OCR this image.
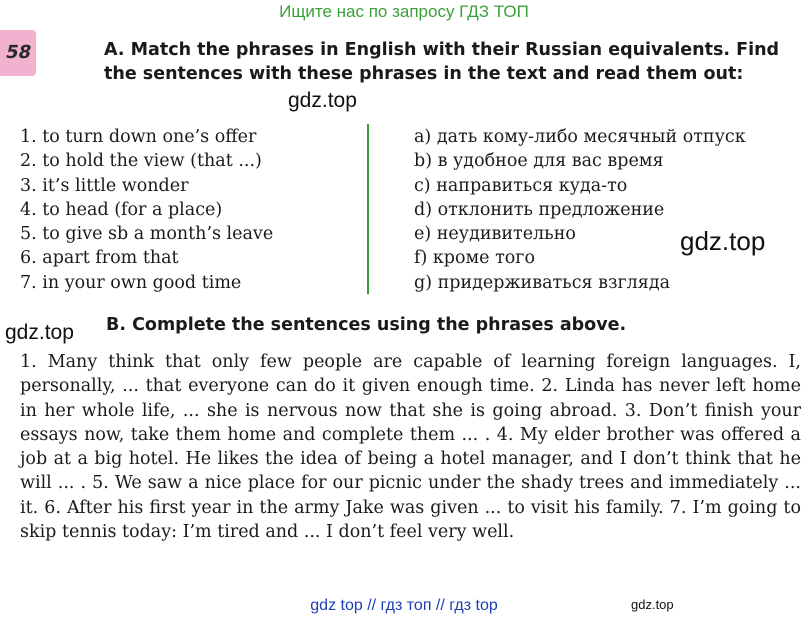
Ищите нас по запросу ГДЗ ТОП
58	A. Match the phrases in English with their Russian equivalents. Find the sentences with these phrases in the text and read them out:
gdz.top
1. to turn down one’s offer
2. to hold the view (that ...)
3. it’s little wonder
4. to head (for a place)
5. to give sb a month’s leave
6. apart from that
7. in your own good time
a) дать кому-либо месячный отпуск
b) в удобное для вас время
c) направиться куда-то
d) отклонить предложение
e) неудивительно
f) кроме того
g) придерживаться взгляда
gdz.top
gdz.top B. Complete the sentences using the phrases above.
1. Many think that only few people are capable of learning foreign languages. I, personally, ... that everyone can do it given enough time. 2. Linda has never left home in her whole life, ... she is nervous now that she is going abroad. 3. Don’t finish your essays now, take them home and complete them ... . 4. My elder brother was offered a job at a big hotel. He likes the idea of being a hotel manager, and I don’t think that he will ... . 5. We saw a nice place for our picnic under the shady trees and immediately ... it. 6. After his first year in the army Jake was given ... to visit his family. 7. I’m going to skip tennis today: I’m tired and ... I don’t feel very well.
gdz.top
gdz top // гдз топ // гдз top
